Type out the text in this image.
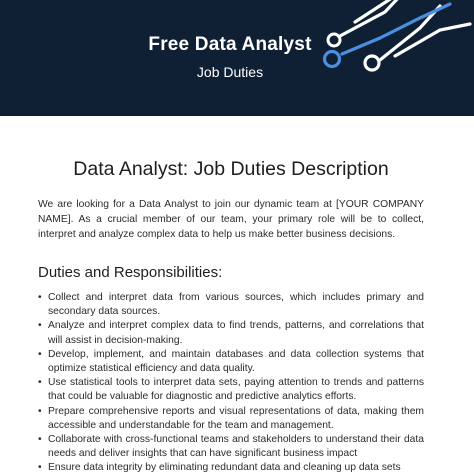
Free Data Analyst
Job Duties
Data Analyst: Job Duties Description

We are looking for a Data Analyst to join our dynamic team at [YOUR COMPANY NAME]. As a crucial member of our team, your primary role will be to collect, interpret and analyze complex data to help us make better business decisions.

Duties and Responsibilities:
• Collect and interpret data from various sources, which includes primary and secondary data sources.
• Analyze and interpret complex data to find trends, patterns, and correlations that will assist in decision-making.
• Develop, implement, and maintain databases and data collection systems that optimize statistical efficiency and data quality.
• Use statistical tools to interpret data sets, paying attention to trends and patterns that could be valuable for diagnostic and predictive analytics efforts.
• Prepare comprehensive reports and visual representations of data, making them accessible and understandable for the team and management.
• Collaborate with cross-functional teams and stakeholders to understand their data needs and deliver insights that can have significant business impact
• Ensure data integrity by eliminating redundant data and cleaning up data sets
